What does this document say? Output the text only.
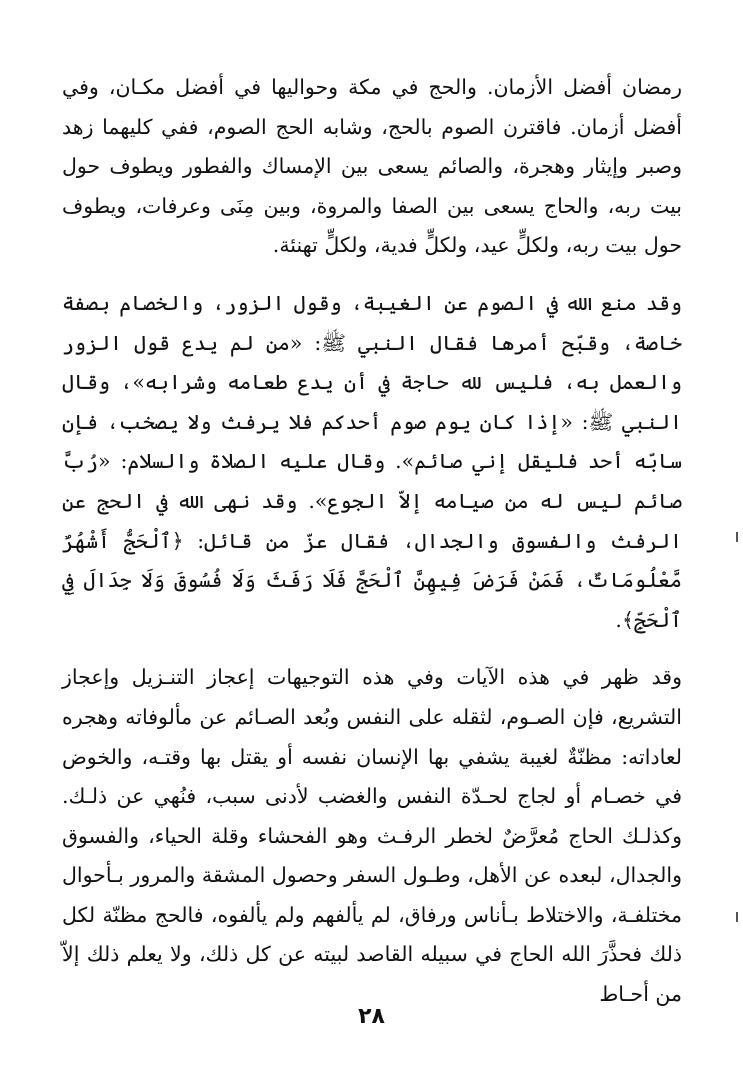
رمضان أفضل الأزمان. والحج في مكة وحواليها في أفضل مكـان، وفي أفضل أزمان. فاقترن الصوم بالحج، وشابه الحج الصوم، ففي كليهما زهد وصبر وإيثار وهجرة، والصائم يسعى بين الإمساك والفطور ويطوف حول بيت ربه، والحاج يسعى بين الصفا والمروة، وبين مِنَى وعرفات، ويطوف حول بيت ربه، ولكلٍّ عيد، ولكلٍّ فدية، ولكلٍّ تهنئة.

وقد منع الله في الصوم عن الغيبة، وقول الزور، والخصام بصفة خاصة، وقبّح أمرها فقال النبي ﷺ: «من لم يدع قول الزور والعمل به، فليس لله حاجة في أن يدع طعامه وشرابه»، وقال النبي ﷺ: «إذا كان يوم صوم أحدكم فلا يرفث ولا يصخب، فإن سابّه أحد فليقل إني صائم». وقال عليه الصلاة والسلام: «رُبَّ صائم ليس له من صيامه إلاّ الجوع». وقد نهى الله في الحج عن الرفث والفسوق والجدال، فقال عزّ من قائل: ﴿ٱلْحَجُّ أَشْهُرٌ مَّعْلُومَاتٌ، فَمَنْ فَرَضَ فِيهِنَّ ٱلْحَجَّ فَلَا رَفَثَ وَلَا فُسُوقَ وَلَا جِدَالَ فِي ٱلْحَجِّ﴾.

وقد ظهر في هذه الآيات وفي هذه التوجيهات إعجاز التنـزيل وإعجاز التشريع، فإن الصـوم، لثقله على النفس وبُعد الصـائم عن مألوفاته وهجره لعاداته: مظنّةٌ لغيبة يشفي بها الإنسان نفسه أو يقتل بها وقتـه، والخوض في خصـام أو لجاج لحـدّة النفس والغضب لأدنى سبب، فنُهي عن ذلـك. وكذلـك الحاج مُعرَّضٌ لخطر الرفـث وهو الفحشاء وقلة الحياء، والفسوق والجدال، لبعده عن الأهل، وطـول السفر وحصول المشقة والمرور بـأحوال مختلفـة، والاختلاط بـأناس ورفاق، لم يألفهم ولم يألفوه، فالحج مظنّة لكل ذلك فحذَّرَ الله الحاج في سبيله القاصد لبيته عن كل ذلك، ولا يعلم ذلك إلاّ من أحـاط

٢٨
